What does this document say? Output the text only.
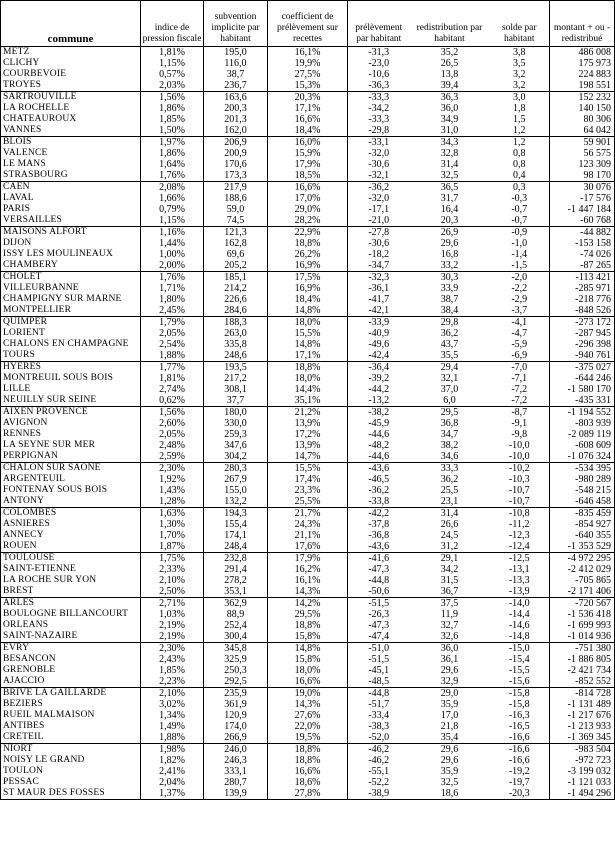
commune	indice de pression fiscale	subvention implicite par habitant	coefficient de prélèvement sur recettes	prélèvement par habitant	redistribution par habitant	solde par habitant	montant + ou - redistribué
METZ	1,81%	195,0	16,1%	-31,3	35,2	3,8	486 008
CLICHY	1,15%	116,0	19,9%	-23,0	26,5	3,5	175 973
COURBEVOIE	0,57%	38,7	27,5%	-10,6	13,8	3,2	224 883
TROYES	2,03%	236,7	15,3%	-36,3	39,4	3,2	198 551
SARTROUVILLE	1,56%	163,6	20,3%	-33,3	36,3	3,0	152 232
LA ROCHELLE	1,86%	200,3	17,1%	-34,2	36,0	1,8	140 150
CHATEAUROUX	1,85%	201,3	16,6%	-33,3	34,9	1,5	80 306
VANNES	1,50%	162,0	18,4%	-29,8	31,0	1,2	64 042
BLOIS	1,97%	206,9	16,0%	-33,1	34,3	1,2	59 901
VALENCE	1,86%	200,9	15,9%	-32,0	32,8	0,8	56 575
LE MANS	1,64%	170,6	17,9%	-30,6	31,4	0,8	123 309
STRASBOURG	1,76%	173,3	18,5%	-32,1	32,5	0,4	98 170
CAEN	2,08%	217,9	16,6%	-36,2	36,5	0,3	30 076
LAVAL	1,66%	188,6	17,0%	-32,0	31,7	-0,3	-17 576
PARIS	0,79%	59,0	29,0%	-17,1	16,4	-0,7	-1 447 184
VERSAILLES	1,15%	74,5	28,2%	-21,0	20,3	-0,7	-60 768
MAISONS ALFORT	1,16%	121,3	22,9%	-27,8	26,9	-0,9	-44 882
DIJON	1,44%	162,8	18,8%	-30,6	29,6	-1,0	-153 158
ISSY LES MOULINEAUX	1,00%	69,6	26,2%	-18,2	16,8	-1,4	-74 026
CHAMBERY	2,00%	205,2	16,9%	-34,7	33,2	-1,5	-87 265
CHOLET	1,76%	185,1	17,5%	-32,3	30,3	-2,0	-113 421
VILLEURBANNE	1,71%	214,2	16,9%	-36,1	33,9	-2,2	-285 971
CHAMPIGNY SUR MARNE	1,80%	226,6	18,4%	-41,7	38,7	-2,9	-218 776
MONTPELLIER	2,45%	284,6	14,8%	-42,1	38,4	-3,7	-848 526
QUIMPER	1,79%	188,3	18,0%	-33,9	29,8	-4,1	-273 172
LORIENT	2,05%	263,0	15,5%	-40,9	36,2	-4,7	-287 945
CHALONS EN CHAMPAGNE	2,54%	335,8	14,8%	-49,6	43,7	-5,9	-296 398
TOURS	1,88%	248,6	17,1%	-42,4	35,5	-6,9	-940 761
HYERES	1,77%	193,5	18,8%	-36,4	29,4	-7,0	-375 027
MONTREUIL SOUS BOIS	1,81%	217,2	18,0%	-39,2	32,1	-7,1	-644 246
LILLE	2,74%	308,1	14,4%	-44,2	37,0	-7,2	-1 580 170
NEUILLY SUR SEINE	0,62%	37,7	35,1%	-13,2	6,0	-7,2	-435 331
AIXEN PROVENCE	1,56%	180,0	21,2%	-38,2	29,5	-8,7	-1 194 552
AVIGNON	2,60%	330,0	13,9%	-45,9	36,8	-9,1	-803 939
RENNES	2,05%	259,3	17,2%	-44,6	34,7	-9,8	-2 089 119
LA SEYNE SUR MER	2,48%	347,6	13,9%	-48,2	38,2	-10,0	-608 609
PERPIGNAN	2,59%	304,2	14,7%	-44,6	34,6	-10,0	-1 076 324
CHALON SUR SAONE	2,30%	280,3	15,5%	-43,6	33,3	-10,2	-534 395
ARGENTEUIL	1,92%	267,9	17,4%	-46,5	36,2	-10,3	-980 289
FONTENAY SOUS BOIS	1,43%	155,0	23,3%	-36,2	25,5	-10,7	-548 215
ANTONY	1,28%	132,2	25,5%	-33,8	23,1	-10,7	-646 458
COLOMBES	1,63%	194,3	21,7%	-42,2	31,4	-10,8	-835 459
ASNIERES	1,30%	155,4	24,3%	-37,8	26,6	-11,2	-854 927
ANNECY	1,70%	174,1	21,1%	-36,8	24,5	-12,3	-640 355
ROUEN	1,87%	248,4	17,6%	-43,6	31,2	-12,4	-1 353 529
TOULOUSE	1,75%	232,8	17,9%	-41,6	29,1	-12,5	-4 972 295
SAINT-ETIENNE	2,33%	291,4	16,2%	-47,3	34,2	-13,1	-2 412 029
LA ROCHE SUR YON	2,10%	278,2	16,1%	-44,8	31,5	-13,3	-705 865
BREST	2,50%	353,1	14,3%	-50,6	36,7	-13,9	-2 171 406
ARLES	2,71%	362,9	14,2%	-51,5	37,5	-14,0	-720 567
BOULOGNE BILLANCOURT	1,03%	88,9	29,5%	-26,3	11,9	-14,4	-1 536 418
ORLEANS	2,19%	252,4	18,8%	-47,3	32,7	-14,6	-1 699 993
SAINT-NAZAIRE	2,19%	300,4	15,8%	-47,4	32,6	-14,8	-1 014 936
EVRY	2,30%	345,8	14,8%	-51,0	36,0	-15,0	-751 380
BESANCON	2,43%	325,9	15,8%	-51,5	36,1	-15,4	-1 886 805
GRENOBLE	1,85%	250,3	18,0%	-45,1	29,6	-15,5	-2 421 734
AJACCIO	2,23%	292,5	16,6%	-48,5	32,9	-15,6	-852 552
BRIVE LA GAILLARDE	2,10%	235,9	19,0%	-44,8	29,0	-15,8	-814 728
BEZIERS	3,02%	361,9	14,3%	-51,7	35,9	-15,8	-1 131 489
RUEIL MALMAISON	1,34%	120,9	27,6%	-33,4	17,0	-16,3	-1 217 676
ANTIBES	1,49%	174,0	22,0%	-38,3	21,8	-16,5	-1 213 933
CRETEIL	1,88%	266,9	19,5%	-52,0	35,4	-16,6	-1 369 345
NIORT	1,98%	246,0	18,8%	-46,2	29,6	-16,6	-983 504
NOISY LE GRAND	1,82%	246,3	18,8%	-46,2	29,6	-16,6	-972 723
TOULON	2,41%	333,1	16,6%	-55,1	35,9	-19,2	-3 199 032
PESSAC	2,04%	280,7	18,6%	-52,2	32,5	-19,7	-1 121 033
ST MAUR DES FOSSES	1,37%	139,9	27,8%	-38,9	18,6	-20,3	-1 494 296
